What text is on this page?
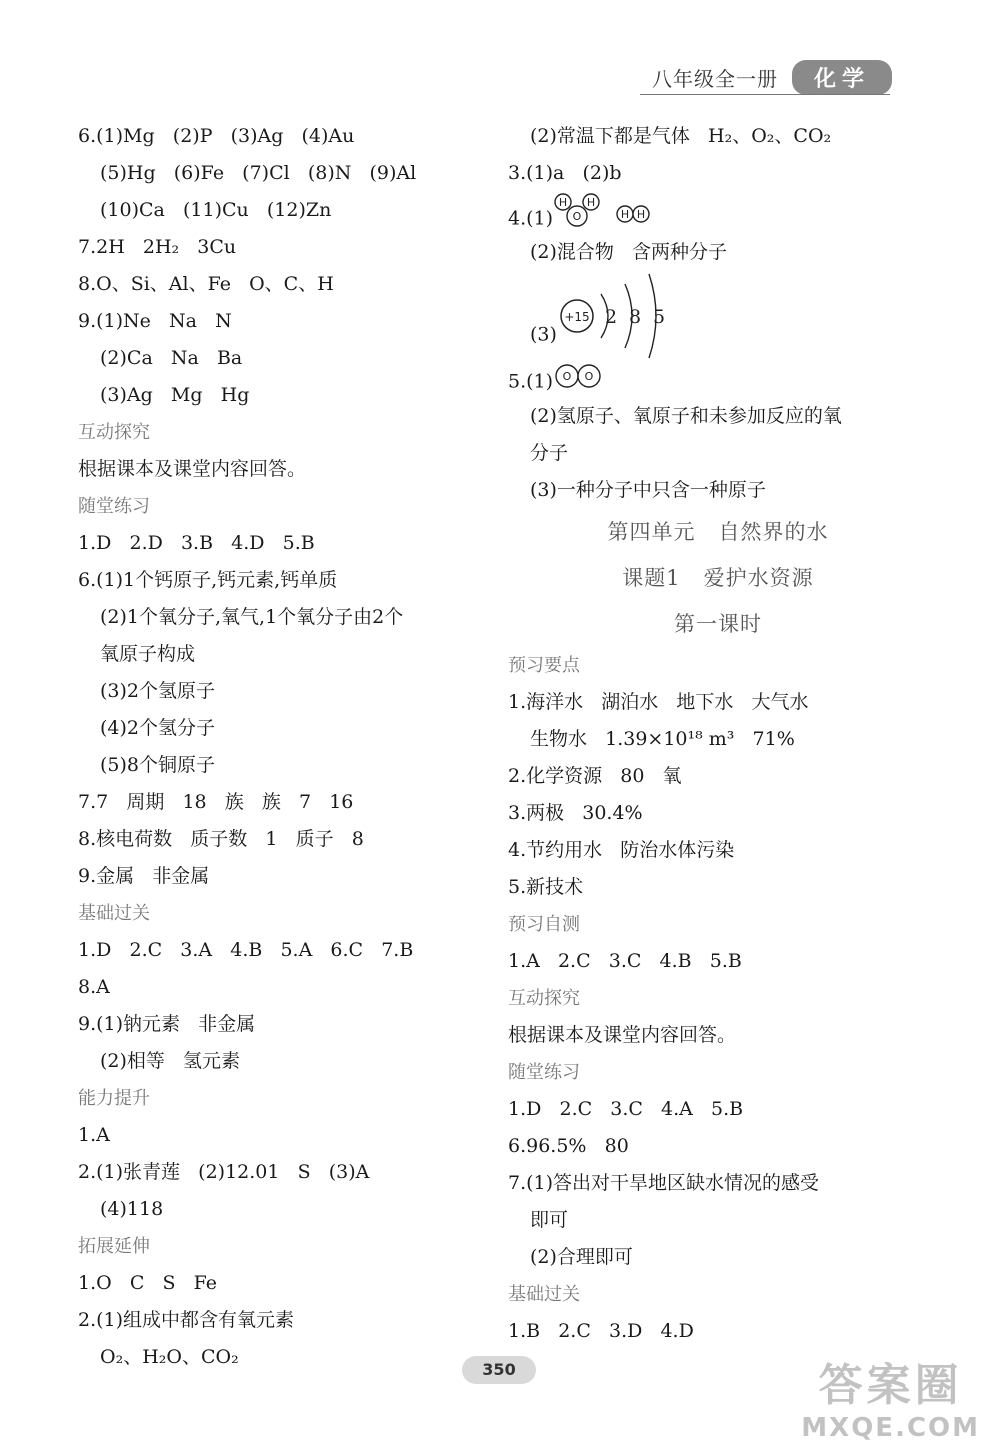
八年级全一册	化学
6.(1)Mg   (2)P   (3)Ag   (4)Au
(5)Hg   (6)Fe   (7)Cl   (8)N   (9)Al
(10)Ca   (11)Cu   (12)Zn
7.2H   2H₂   3Cu
8.O、Si、Al、Fe   O、C、H
9.(1)Ne   Na   N
(2)Ca   Na   Ba
(3)Ag   Mg   Hg
互动探究
根据课本及课堂内容回答。
随堂练习
1.D   2.D   3.B   4.D   5.B
6.(1)1个钙原子,钙元素,钙单质
(2)1个氧分子,氧气,1个氧分子由2个
氧原子构成
(3)2个氢原子
(4)2个氢分子
(5)8个铜原子
7.7   周期   18   族   族   7   16
8.核电荷数   质子数   1   质子   8
9.金属   非金属
基础过关
1.D   2.C   3.A   4.B   5.A   6.C   7.B
8.A
9.(1)钠元素   非金属
(2)相等   氢元素
能力提升
1.A
2.(1)张青莲   (2)12.01   S   (3)A
(4)118
拓展延伸
1.O   C   S   Fe
2.(1)组成中都含有氧元素
O₂、H₂O、CO₂
(2)常温下都是气体   H₂、O₂、CO₂
3.(1)a   (2)b
4.(1)
H
O
H
H H
(2)混合物   含两种分子
(3)
+15 2 8 5
5.(1) O O
(2)氢原子、氧原子和未参加反应的氧
分子
(3)一种分子中只含一种原子
第四单元   自然界的水
课题1   爱护水资源
第一课时
预习要点
1.海洋水   湖泊水   地下水   大气水
生物水   1.39×10¹⁸ m³   71%
2.化学资源   80   氧
3.两极   30.4%
4.节约用水   防治水体污染
5.新技术
预习自测
1.A   2.C   3.C   4.B   5.B
互动探究
根据课本及课堂内容回答。
随堂练习
1.D   2.C   3.C   4.A   5.B
6.96.5%   80
7.(1)答出对干旱地区缺水情况的感受
即可
(2)合理即可
基础过关
1.B   2.C   3.D   4.D
350	答案圈
MXQE.COM
